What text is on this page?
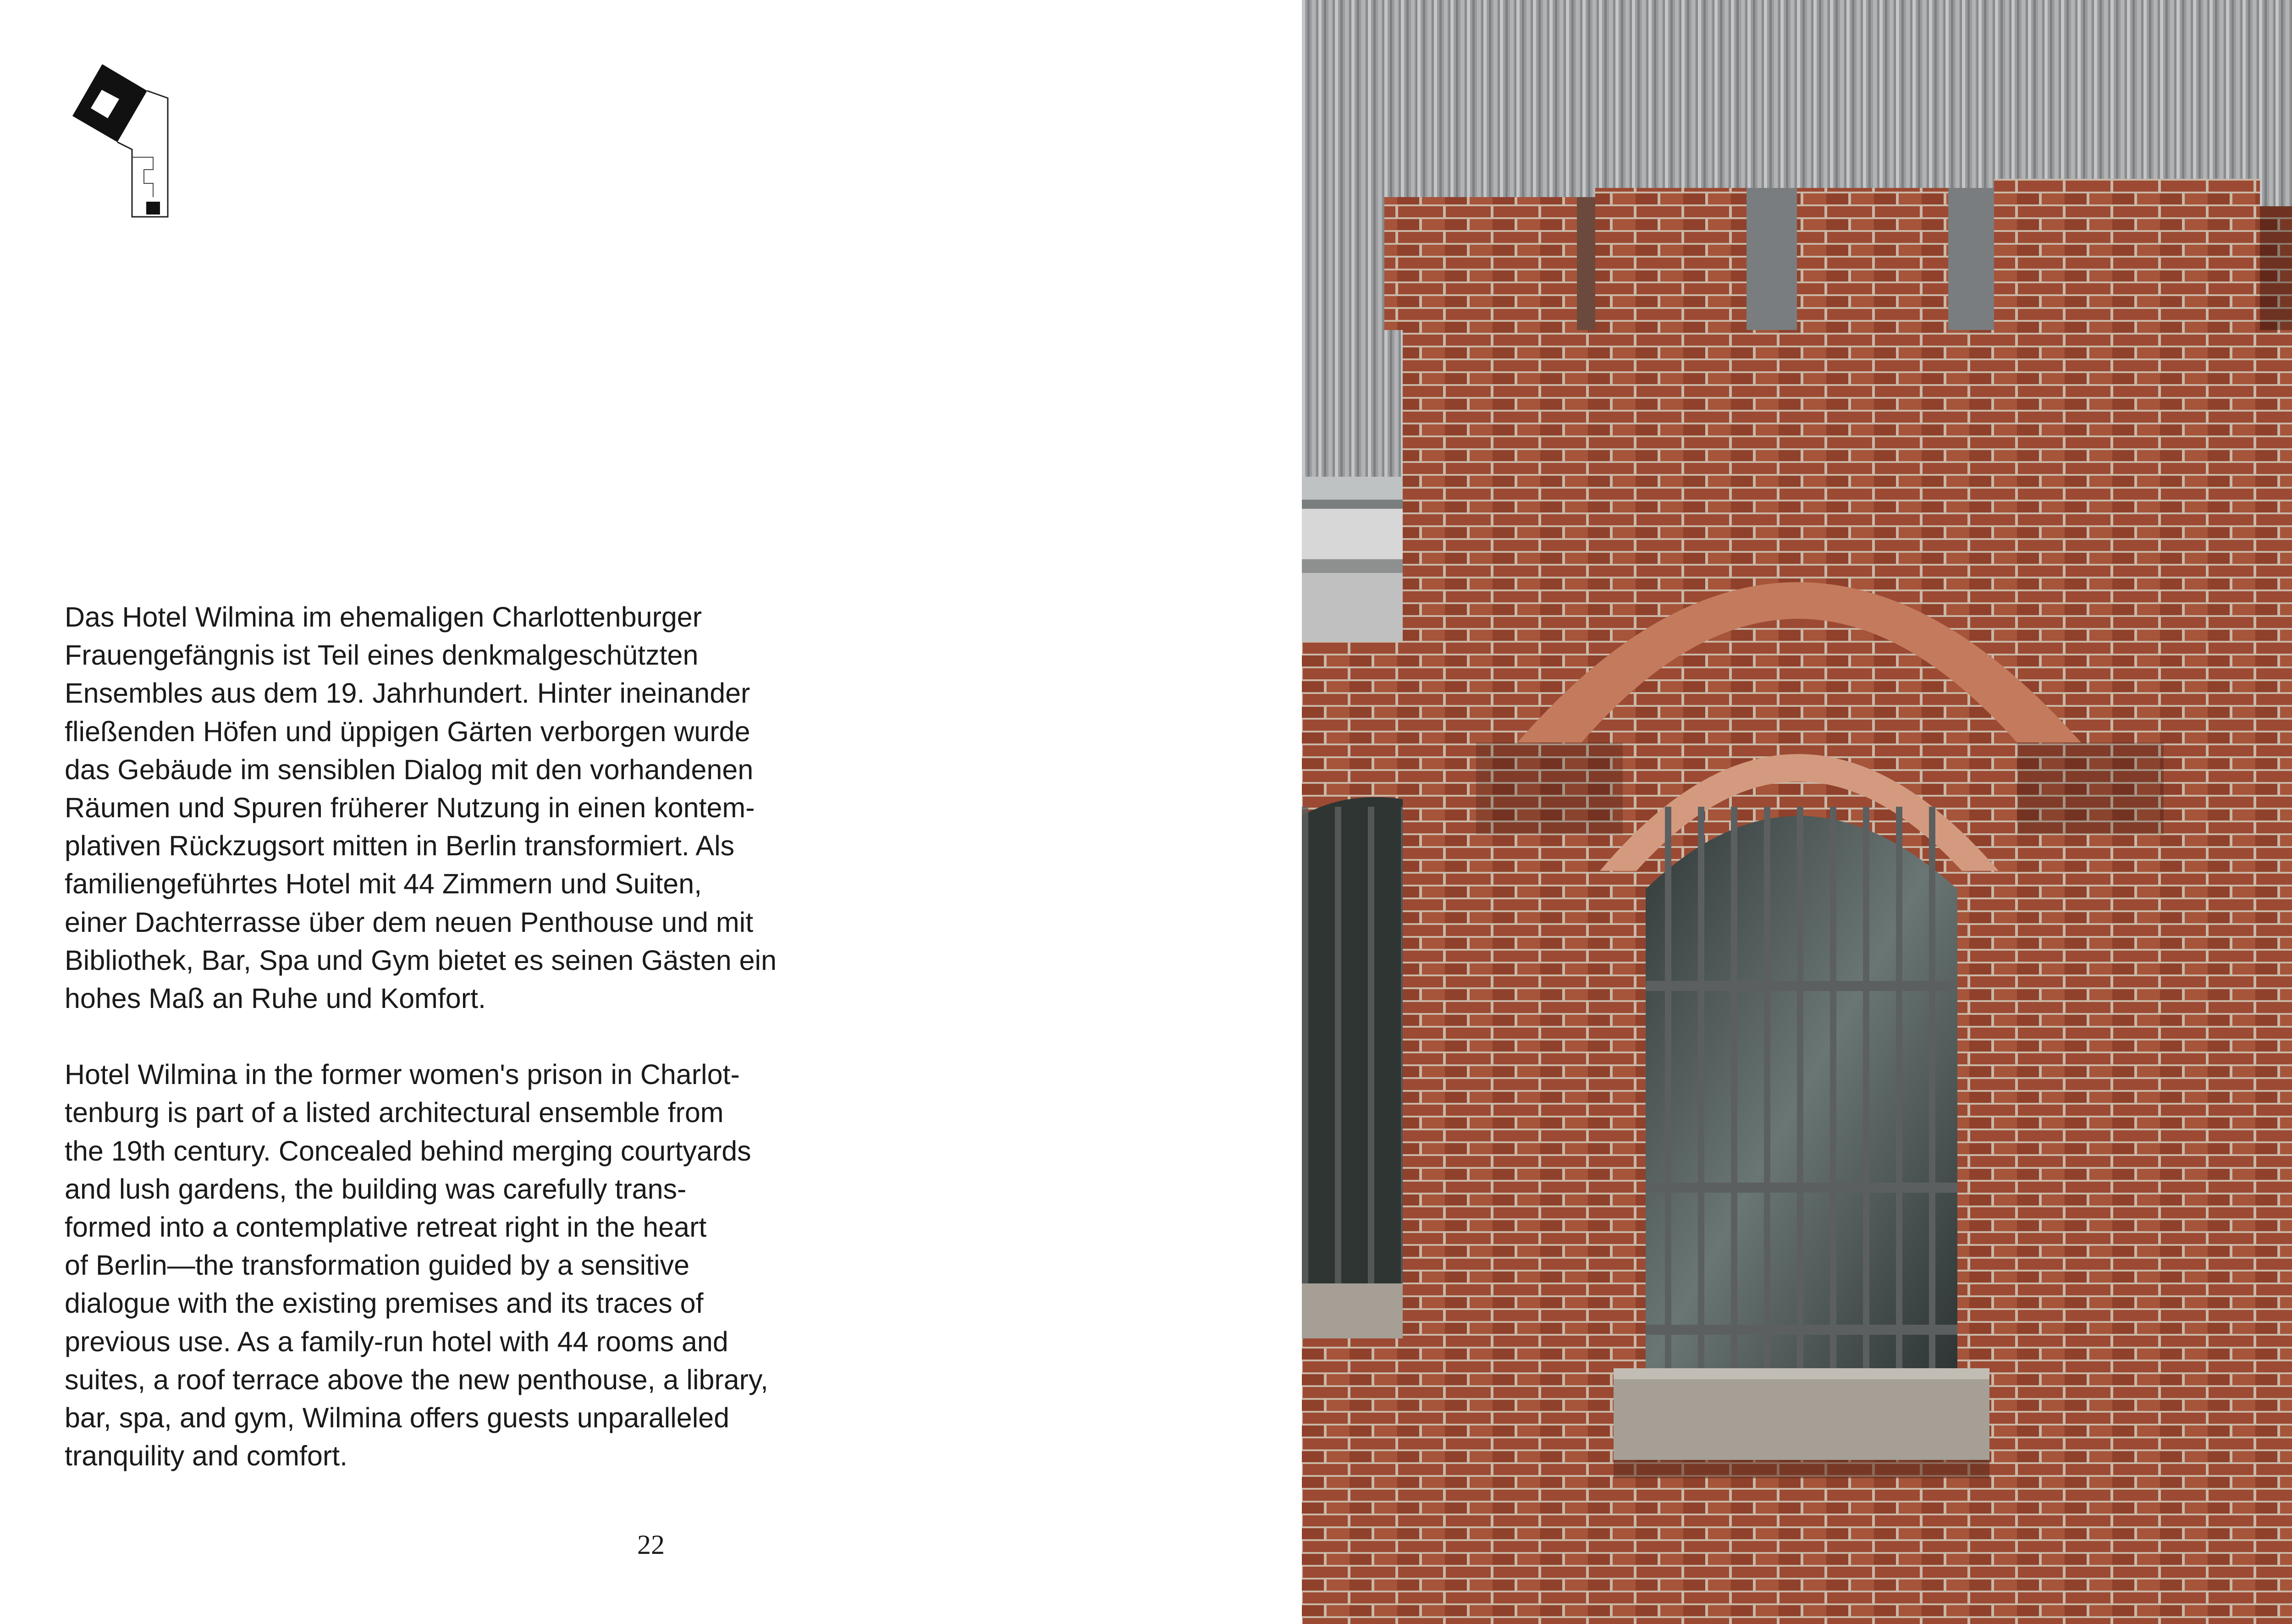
Das Hotel Wilmina im ehemaligen Charlottenburger
Frauengefängnis ist Teil eines denkmalgeschützten
Ensembles aus dem 19. Jahrhundert. Hinter ineinander
fließenden Höfen und üppigen Gärten verborgen wurde
das Gebäude im sensiblen Dialog mit den vorhandenen
Räumen und Spuren früherer Nutzung in einen kontem-
plativen Rückzugsort mitten in Berlin transformiert. Als
familiengeführtes Hotel mit 44 Zimmern und Suiten,
einer Dachterrasse über dem neuen Penthouse und mit
Bibliothek, Bar, Spa und Gym bietet es seinen Gästen ein
hohes Maß an Ruhe und Komfort.

Hotel Wilmina in the former women's prison in Charlot-
tenburg is part of a listed architectural ensemble from
the 19th century. Concealed behind merging courtyards
and lush gardens, the building was carefully trans-
formed into a contemplative retreat right in the heart
of Berlin—the transformation guided by a sensitive
dialogue with the existing premises and its traces of
previous use. As a family-run hotel with 44 rooms and
suites, a roof terrace above the new penthouse, a library,
bar, spa, and gym, Wilmina offers guests unparalleled
tranquility and comfort.

22
